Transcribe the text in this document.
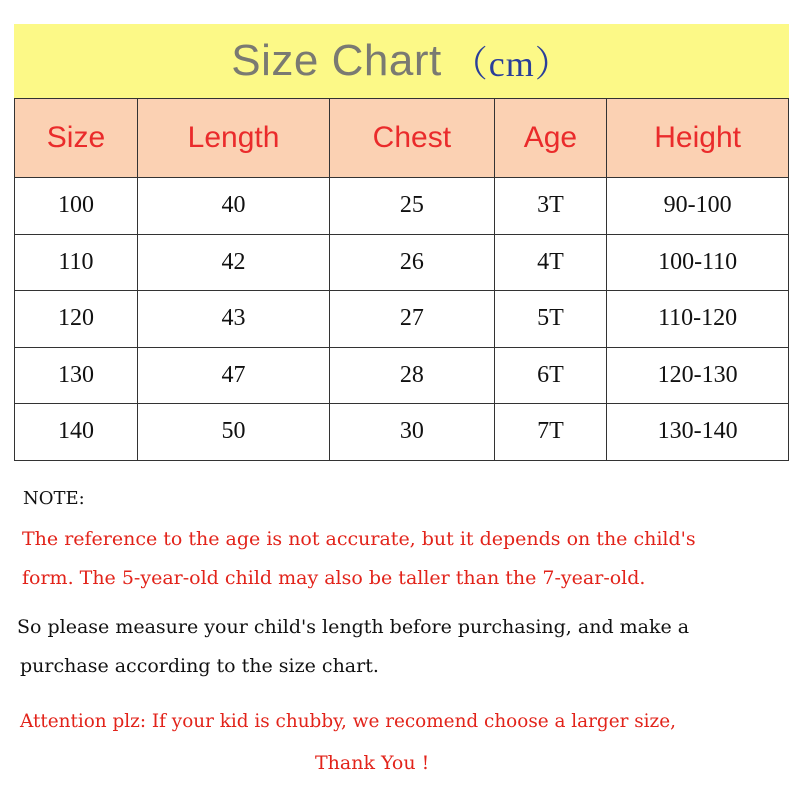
Size Chart （cm）
Size	Length	Chest	Age	Height
100	40	25	3T	90-100
110	42	26	4T	100-110
120	43	27	5T	110-120
130	47	28	6T	120-130
140	50	30	7T	130-140
NOTE:
The reference to the age is not accurate, but it depends on the child's
form. The 5-year-old child may also be taller than the 7-year-old.
So please measure your child's length before purchasing, and make a
purchase according to the size chart.
Attention plz: If your kid is chubby, we recomend choose a larger size,
Thank You !
